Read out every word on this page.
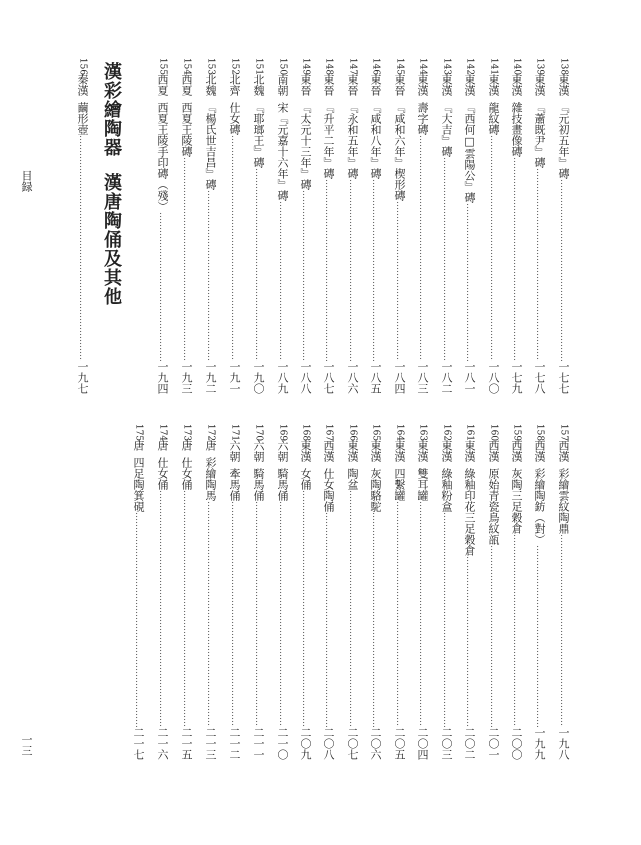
目録
一三
漢彩繪陶器漢唐陶俑及其他
138
東漢
『元初五年』磚
…………………………………………………………………………………………………………
一七七
139
東漢
『蕭既尹』磚
…………………………………………………………………………………………………………
一七八
140
東漢
雜技畫像磚
…………………………………………………………………………………………………………
一七九
141
東漢
龍紋磚
…………………………………………………………………………………………………………
一八〇
142
東漢
『西何□雲陽公』磚
…………………………………………………………………………………………………………
一八一
143
東漢
『大吉』磚
…………………………………………………………………………………………………………
一八二
144
東漢
壽字磚
…………………………………………………………………………………………………………
一八三
145
東晉
『咸和六年』楔形磚
…………………………………………………………………………………………………………
一八四
146
東晉
『咸和八年』磚
…………………………………………………………………………………………………………
一八五
147
東晉
『永和五年』磚
…………………………………………………………………………………………………………
一八六
148
東晉
『升平二年』磚
…………………………………………………………………………………………………………
一八七
149
東晉
『太元十三年』磚
…………………………………………………………………………………………………………
一八八
150
南朝
宋『元嘉十六年』磚
…………………………………………………………………………………………………………
一八九
151
北魏
『耶瑯王』磚
…………………………………………………………………………………………………………
一九〇
152
北齊
仕女磚
…………………………………………………………………………………………………………
一九一
153
北魏
『楊氏世吉昌』磚
…………………………………………………………………………………………………………
一九二
154
西夏
西夏王陵磚
…………………………………………………………………………………………………………
一九三
155
西夏
西夏王陵手印磚（殘）
…………………………………………………………………………………………………………
一九四
156
秦漢
繭形壺
…………………………………………………………………………………………………………
一九七
157
西漢
彩繪雲紋陶鼎
…………………………………………………………………………………………………………
一九八
158
西漢
彩繪陶鈁（對）
…………………………………………………………………………………………………………
一九九
159
西漢
灰陶三足穀倉
…………………………………………………………………………………………………………
二〇〇
160
西漢
原始青瓷鳥紋瓿
…………………………………………………………………………………………………………
二〇一
161
東漢
綠釉印花三足穀倉
…………………………………………………………………………………………………………
二〇二
162
東漢
綠釉粉盒
…………………………………………………………………………………………………………
二〇三
163
東漢
雙耳罐
…………………………………………………………………………………………………………
二〇四
164
東漢
四繫罐
…………………………………………………………………………………………………………
二〇五
165
東漢
灰陶駱駝
…………………………………………………………………………………………………………
二〇六
166
東漢
陶盆
…………………………………………………………………………………………………………
二〇七
167
西漢
仕女陶俑
…………………………………………………………………………………………………………
二〇八
168
東漢
女俑
…………………………………………………………………………………………………………
二〇九
169
六朝
騎馬俑
…………………………………………………………………………………………………………
二一〇
170
六朝
騎馬俑
…………………………………………………………………………………………………………
二一一
171
六朝
牽馬俑
…………………………………………………………………………………………………………
二一二
172
唐
彩繪陶馬
…………………………………………………………………………………………………………
二一三
173
唐
仕女俑
…………………………………………………………………………………………………………
二一五
174
唐
仕女俑
…………………………………………………………………………………………………………
二一六
175
唐
四足陶箕硯
…………………………………………………………………………………………………………
二一七
